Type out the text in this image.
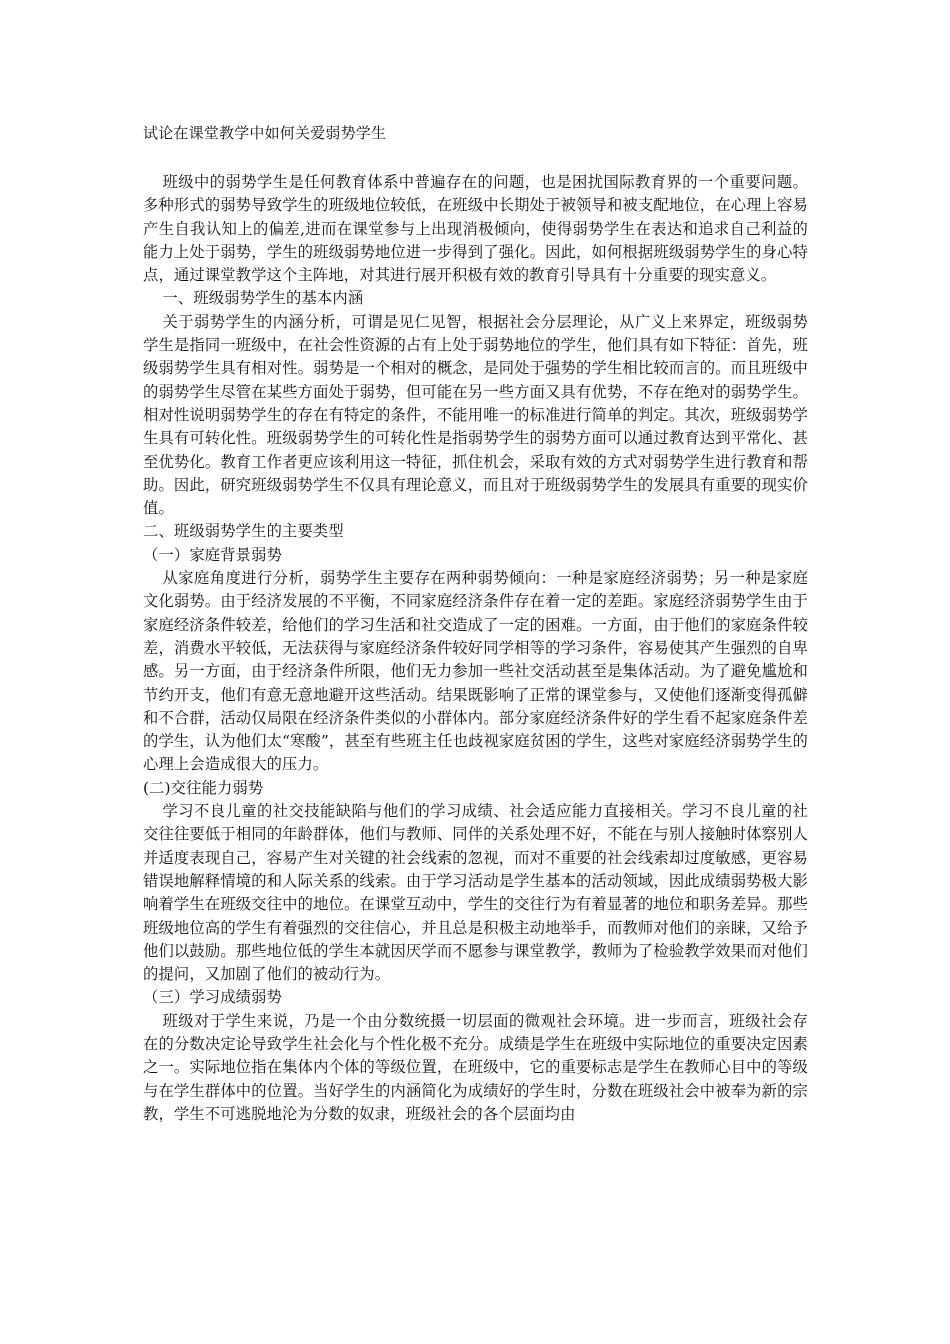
试论在课堂教学中如何关爱弱势学生

班级中的弱势学生是任何教育体系中普遍存在的问题，也是困扰国际教育界的一个重要问题。多种形式的弱势导致学生的班级地位较低，在班级中长期处于被领导和被支配地位，在心理上容易产生自我认知上的偏差,进而在课堂参与上出现消极倾向，使得弱势学生在表达和追求自己利益的能力上处于弱势，学生的班级弱势地位进一步得到了强化。因此，如何根据班级弱势学生的身心特点，通过课堂教学这个主阵地，对其进行展开积极有效的教育引导具有十分重要的现实意义。

一、班级弱势学生的基本内涵

关于弱势学生的内涵分析，可谓是见仁见智，根据社会分层理论，从广义上来界定，班级弱势学生是指同一班级中，在社会性资源的占有上处于弱势地位的学生，他们具有如下特征：首先，班级弱势学生具有相对性。弱势是一个相对的概念，是同处于强势的学生相比较而言的。而且班级中的弱势学生尽管在某些方面处于弱势，但可能在另一些方面又具有优势，不存在绝对的弱势学生。相对性说明弱势学生的存在有特定的条件，不能用唯一的标准进行简单的判定。其次，班级弱势学生具有可转化性。班级弱势学生的可转化性是指弱势学生的弱势方面可以通过教育达到平常化、甚至优势化。教育工作者更应该利用这一特征，抓住机会，采取有效的方式对弱势学生进行教育和帮助。因此，研究班级弱势学生不仅具有理论意义，而且对于班级弱势学生的发展具有重要的现实价值。

二、班级弱势学生的主要类型

（一）家庭背景弱势

从家庭角度进行分析，弱势学生主要存在两种弱势倾向：一种是家庭经济弱势；另一种是家庭文化弱势。由于经济发展的不平衡，不同家庭经济条件存在着一定的差距。家庭经济弱势学生由于家庭经济条件较差，给他们的学习生活和社交造成了一定的困难。一方面，由于他们的家庭条件较差，消费水平较低，无法获得与家庭经济条件较好同学相等的学习条件，容易使其产生强烈的自卑感。另一方面，由于经济条件所限，他们无力参加一些社交活动甚至是集体活动。为了避免尴尬和节约开支，他们有意无意地避开这些活动。结果既影响了正常的课堂参与，又使他们逐渐变得孤僻和不合群，活动仅局限在经济条件类似的小群体内。部分家庭经济条件好的学生看不起家庭条件差的学生，认为他们太“寒酸”，甚至有些班主任也歧视家庭贫困的学生，这些对家庭经济弱势学生的心理上会造成很大的压力。

(二)交往能力弱势

学习不良儿童的社交技能缺陷与他们的学习成绩、社会适应能力直接相关。学习不良儿童的社交往往要低于相同的年龄群体，他们与教师、同伴的关系处理不好，不能在与别人接触时体察别人并适度表现自己，容易产生对关键的社会线索的忽视，而对不重要的社会线索却过度敏感，更容易错误地解释情境的和人际关系的线索。由于学习活动是学生基本的活动领域，因此成绩弱势极大影响着学生在班级交往中的地位。在课堂互动中，学生的交往行为有着显著的地位和职务差异。那些班级地位高的学生有着强烈的交往信心，并且总是积极主动地举手，而教师对他们的亲睐，又给予他们以鼓励。那些地位低的学生本就因厌学而不愿参与课堂教学，教师为了检验教学效果而对他们的提问，又加剧了他们的被动行为。

（三）学习成绩弱势

班级对于学生来说，乃是一个由分数统摄一切层面的微观社会环境。进一步而言，班级社会存在的分数决定论导致学生社会化与个性化极不充分。成绩是学生在班级中实际地位的重要决定因素之一。实际地位指在集体内个体的等级位置，在班级中，它的重要标志是学生在教师心目中的等级与在学生群体中的位置。当好学生的内涵简化为成绩好的学生时，分数在班级社会中被奉为新的宗教，学生不可逃脱地沦为分数的奴隶，班级社会的各个层面均由
